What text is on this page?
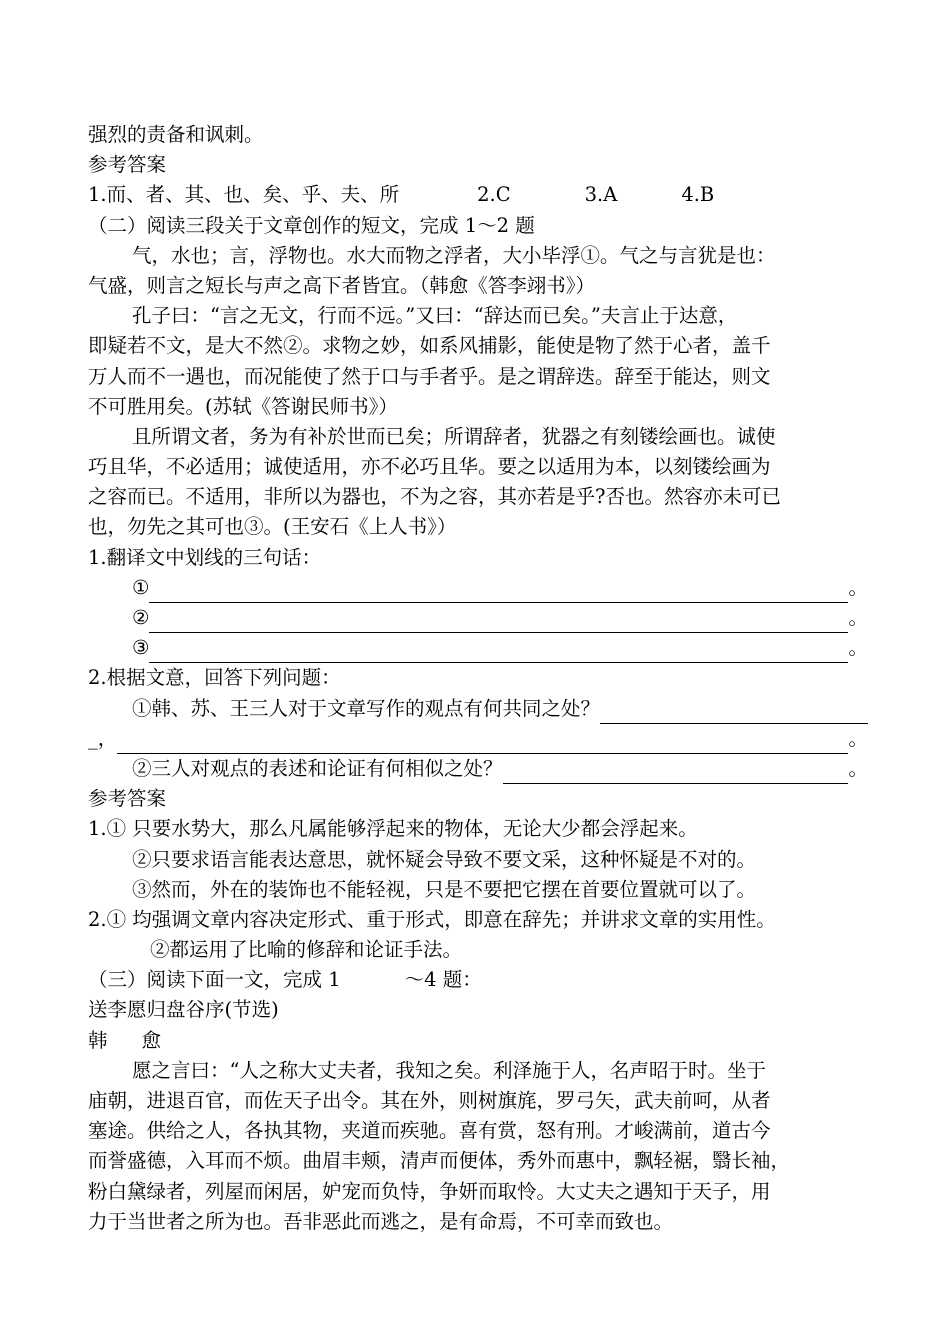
强烈的责备和讽刺。
参考答案
1.而、者、其、也、矣、乎、夫、所	2.C	3.A	4.B
（二）阅读三段关于文章创作的短文，完成 1～2 题
气，水也；言，浮物也。水大而物之浮者，大小毕浮①。气之与言犹是也：
气盛，则言之短长与声之高下者皆宜。（韩愈《答李翊书》）
孔子曰：“言之无文，行而不远。”又曰：“辞达而已矣。”夫言止于达意，
即疑若不文，是大不然②。求物之妙，如系风捕影，能使是物了然于心者，盖千
万人而不一遇也，而况能使了然于口与手者乎。是之谓辞迭。辞至于能达，则文
不可胜用矣。(苏轼《答谢民师书》）
且所谓文者，务为有补於世而已矣；所谓辞者，犹器之有刻镂绘画也。诚使
巧且华，不必适用；诚使适用，亦不必巧且华。要之以适用为本，以刻镂绘画为
之容而已。不适用，非所以为器也，不为之容，其亦若是乎?否也。然容亦未可已
也，勿先之其可也③。(王安石《上人书》）
1.翻译文中划线的三句话：
①	。
②	。
③	。
2.根据文意，回答下列问题：
①韩、苏、王三人对于文章写作的观点有何共同之处？
_，	。
②三人对观点的表述和论证有何相似之处？	。
参考答案
1.① 只要水势大，那么凡属能够浮起来的物体，无论大少都会浮起来。
②只要求语言能表达意思，就怀疑会导致不要文采，这种怀疑是不对的。
③然而，外在的装饰也不能轻视，只是不要把它摆在首要位置就可以了。
2.① 均强调文章内容决定形式、重于形式，即意在辞先；并讲求文章的实用性。
②都运用了比喻的修辞和论证手法。
（三）阅读下面一文，完成 1	～4 题：
送李愿归盘谷序(节选)
韩 愈
愿之言曰：“人之称大丈夫者，我知之矣。利泽施于人，名声昭于时。坐于
庙朝，进退百官，而佐天子出令。其在外，则树旗旄，罗弓矢，武夫前呵，从者
塞途。供给之人，各执其物，夹道而疾驰。喜有赏，怒有刑。才峻满前，道古今
而誉盛德，入耳而不烦。曲眉丰颊，清声而便体，秀外而惠中，飘轻裾，翳长袖，
粉白黛绿者，列屋而闲居，妒宠而负恃，争妍而取怜。大丈夫之遇知于天子，用
力于当世者之所为也。吾非恶此而逃之，是有命焉，不可幸而致也。
